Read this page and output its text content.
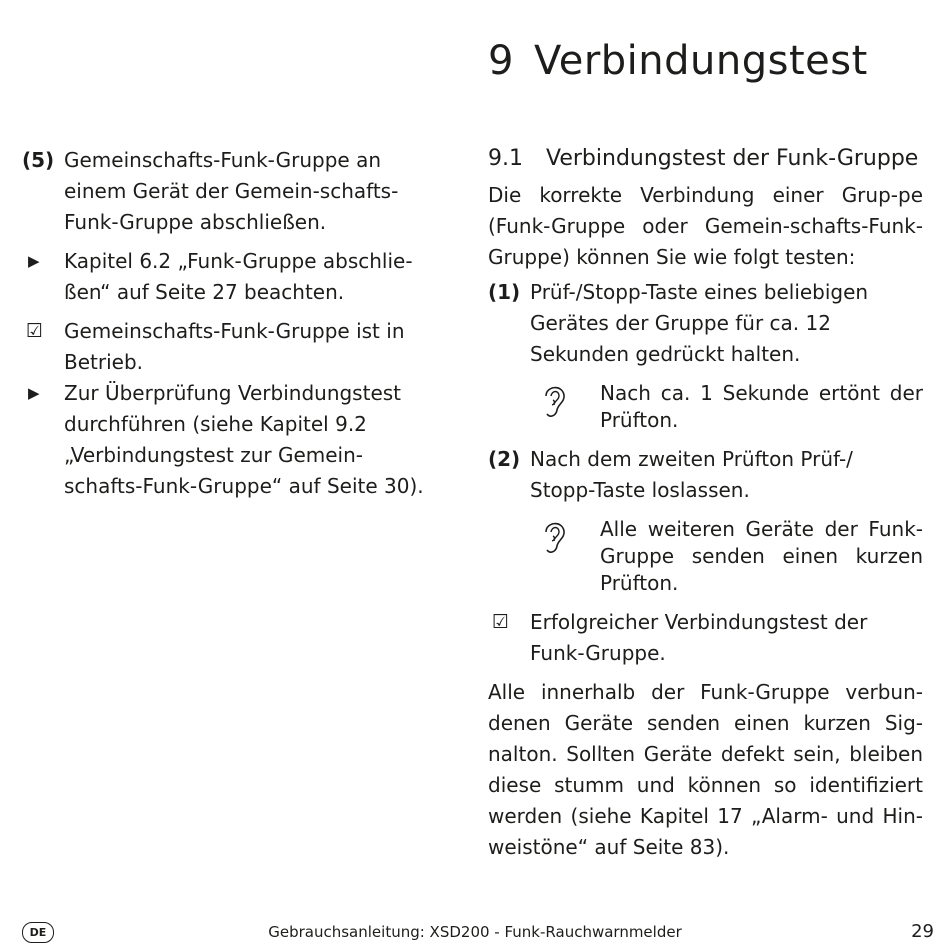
9 Verbindungstest
(5) Gemeinschafts-Funk-Gruppe an einem Gerät der Gemein-schafts-Funk-Gruppe abschließen.
▶ Kapitel 6.2 „Funk-Gruppe abschlie-ßen“ auf Seite 27 beachten.
☑ Gemeinschafts-Funk-Gruppe ist in Betrieb.
▶ Zur Überprüfung Verbindungstest durchführen (siehe Kapitel 9.2 „Verbindungstest zur Gemein-schafts-Funk-Gruppe“ auf Seite 30).
9.1 Verbindungstest der Funk-Gruppe
Die korrekte Verbindung einer Grup-pe (Funk-Gruppe oder Gemein-schafts-Funk-Gruppe) können Sie wie folgt testen:
(1) Prüf-/Stopp-Taste eines beliebigen Gerätes der Gruppe für ca. 12 Sekunden gedrückt halten.
Nach ca. 1 Sekunde ertönt der Prüfton.
(2) Nach dem zweiten Prüfton Prüf-/ Stopp-Taste loslassen.
Alle weiteren Geräte der Funk-Gruppe senden einen kurzen Prüfton.
☑ Erfolgreicher Verbindungstest der Funk-Gruppe.
Alle innerhalb der Funk-Gruppe verbun-denen Geräte senden einen kurzen Sig-nalton. Sollten Geräte defekt sein, bleiben diese stumm und können so identifiziert werden (siehe Kapitel 17 „Alarm- und Hin-weistöne“ auf Seite 83).
DE	Gebrauchsanleitung: XSD200 - Funk-Rauchwarnmelder	29
